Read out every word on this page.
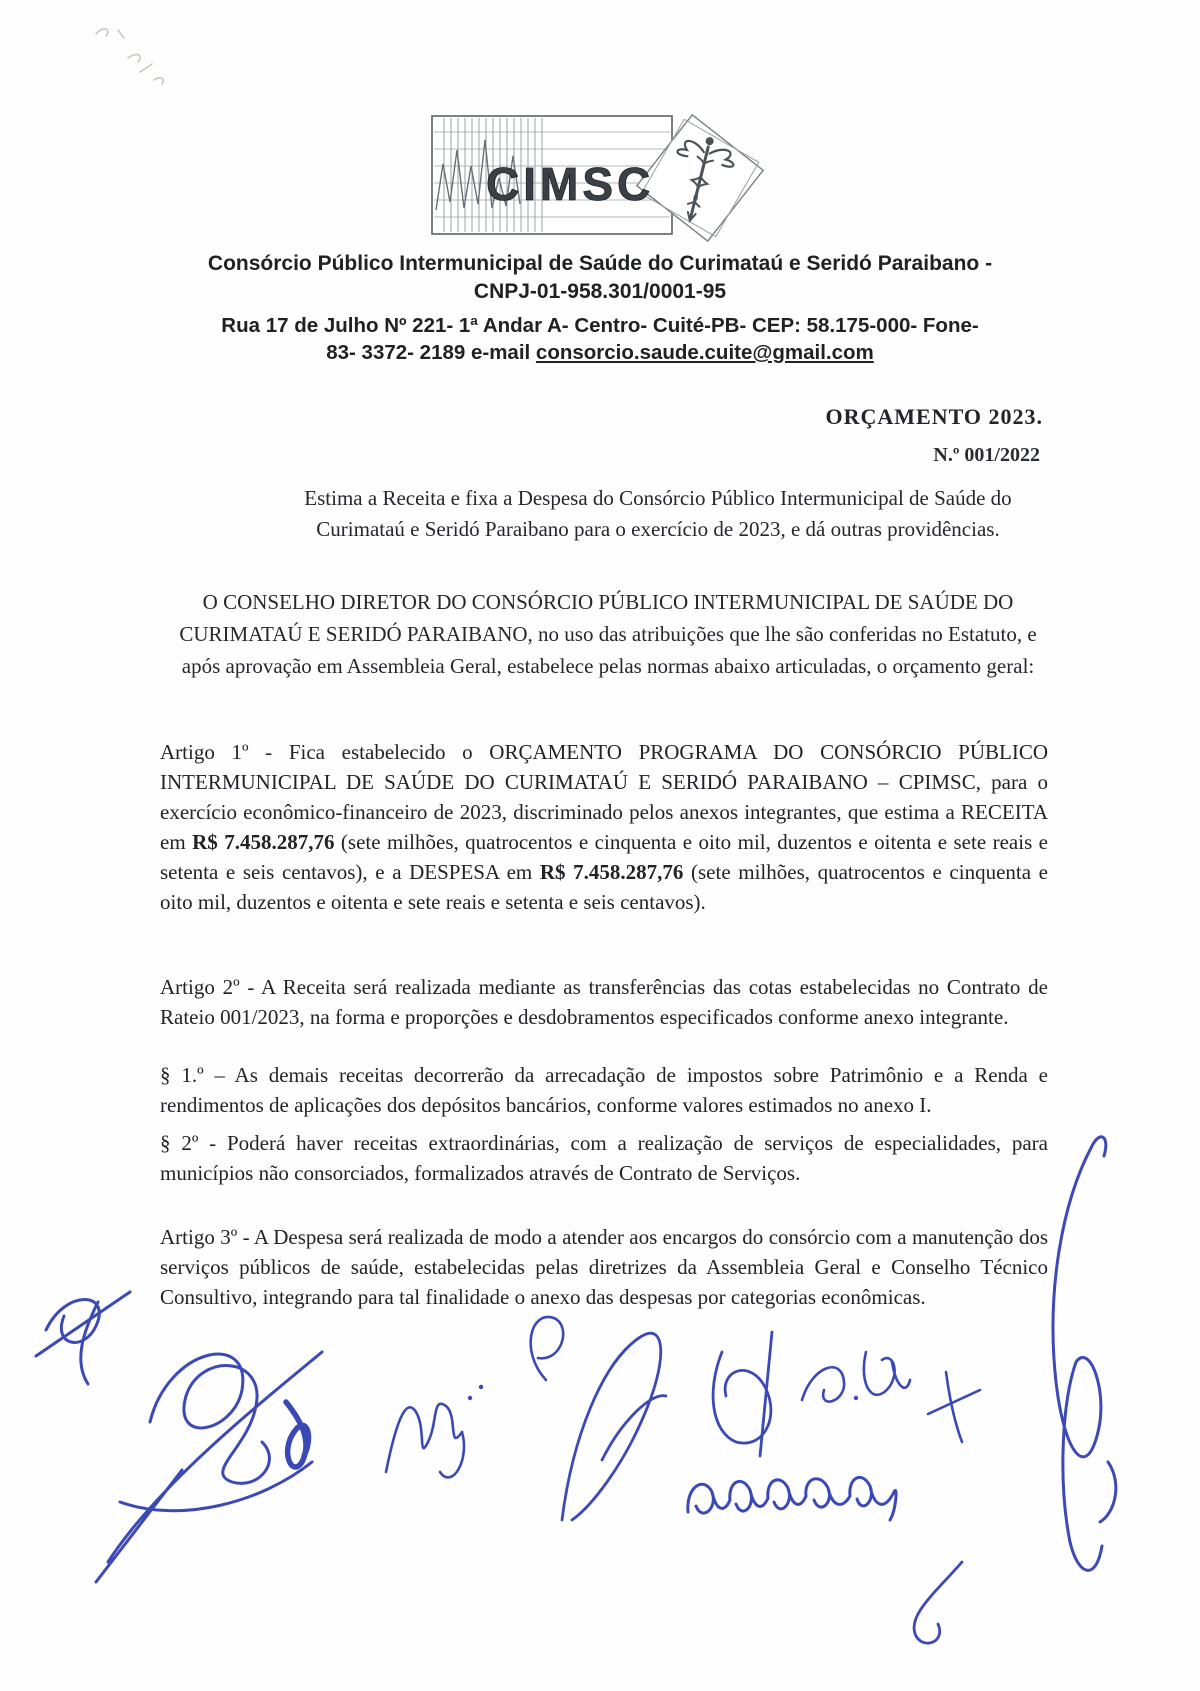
CIMSC
Consórcio Público Intermunicipal de Saúde do Curimataú e Seridó Paraibano -
CNPJ-01-958.301/0001-95
Rua 17 de Julho Nº 221- 1ª Andar A- Centro- Cuité-PB- CEP: 58.175-000- Fone-
83- 3372- 2189 e-mail consorcio.saude.cuite@gmail.com
ORÇAMENTO 2023.
N.º 001/2022
Estima a Receita e fixa a Despesa do Consórcio Público Intermunicipal de Saúde do Curimataú e Seridó Paraibano para o exercício de 2023, e dá outras providências.
O CONSELHO DIRETOR DO CONSÓRCIO PÚBLICO INTERMUNICIPAL DE SAÚDE DO CURIMATAÚ E SERIDÓ PARAIBANO, no uso das atribuições que lhe são conferidas no Estatuto, e após aprovação em Assembleia Geral, estabelece pelas normas abaixo articuladas, o orçamento geral:

Artigo 1º - Fica estabelecido o ORÇAMENTO PROGRAMA DO CONSÓRCIO PÚBLICO INTERMUNICIPAL DE SAÚDE DO CURIMATAÚ E SERIDÓ PARAIBANO – CPIMSC, para o exercício econômico-financeiro de 2023, discriminado pelos anexos integrantes, que estima a RECEITA em R$ 7.458.287,76 (sete milhões, quatrocentos e cinquenta e oito mil, duzentos e oitenta e sete reais e setenta e seis centavos), e a DESPESA em R$ 7.458.287,76 (sete milhões, quatrocentos e cinquenta e oito mil, duzentos e oitenta e sete reais e setenta e seis centavos).

Artigo 2º - A Receita será realizada mediante as transferências das cotas estabelecidas no Contrato de Rateio 001/2023, na forma e proporções e desdobramentos especificados conforme anexo integrante.

§ 1.º – As demais receitas decorrerão da arrecadação de impostos sobre Patrimônio e a Renda e rendimentos de aplicações dos depósitos bancários, conforme valores estimados no anexo I.

§ 2º - Poderá haver receitas extraordinárias, com a realização de serviços de especialidades, para municípios não consorciados, formalizados através de Contrato de Serviços.

Artigo 3º - A Despesa será realizada de modo a atender aos encargos do consórcio com a manutenção dos serviços públicos de saúde, estabelecidas pelas diretrizes da Assembleia Geral e Conselho Técnico Consultivo, integrando para tal finalidade o anexo das despesas por categorias econômicas.
